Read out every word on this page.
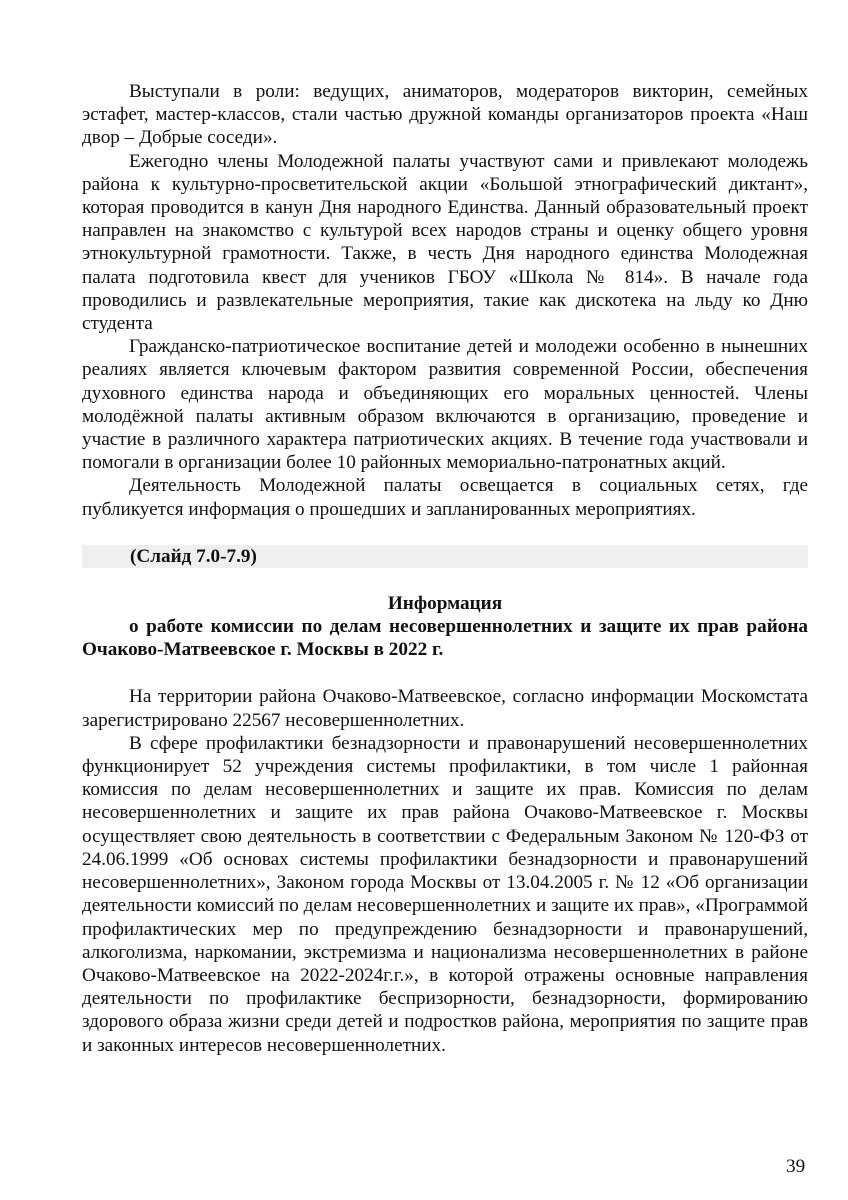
Выступали в роли: ведущих, аниматоров, модераторов викторин, семейных эстафет, мастер-классов, стали частью дружной команды организаторов проекта «Наш двор – Добрые соседи».

Ежегодно члены Молодежной палаты участвуют сами и привлекают молодежь района к культурно-просветительской акции «Большой этнографический диктант», которая проводится в канун Дня народного Единства. Данный образовательный проект направлен на знакомство с культурой всех народов страны и оценку общего уровня этнокультурной грамотности. Также, в честь Дня народного единства Молодежная палата подготовила квест для учеников ГБОУ «Школа № 814». В начале года проводились и развлекательные мероприятия, такие как дискотека на льду ко Дню студента

Гражданско-патриотическое воспитание детей и молодежи особенно в нынешних реалиях является ключевым фактором развития современной России, обеспечения духовного единства народа и объединяющих его моральных ценностей. Члены молодёжной палаты активным образом включаются в организацию, проведение и участие в различного характера патриотических акциях. В течение года участвовали и помогали в организации более 10 районных мемориально-патронатных акций.

Деятельность Молодежной палаты освещается в социальных сетях, где публикуется информация о прошедших и запланированных мероприятиях.

(Слайд 7.0-7.9)

Информация

о работе комиссии по делам несовершеннолетних и защите их прав района Очаково-Матвеевское г. Москвы в 2022 г.

На территории района Очаково-Матвеевское, согласно информации Москомстата зарегистрировано 22567 несовершеннолетних.

В сфере профилактики безнадзорности и правонарушений несовершеннолетних функционирует 52 учреждения системы профилактики, в том числе 1 районная комиссия по делам несовершеннолетних и защите их прав. Комиссия по делам несовершеннолетних и защите их прав района Очаково-Матвеевское г. Москвы осуществляет свою деятельность в соответствии с Федеральным Законом № 120-ФЗ от 24.06.1999 «Об основах системы профилактики безнадзорности и правонарушений несовершеннолетних», Законом города Москвы от 13.04.2005 г. № 12 «Об организации деятельности комиссий по делам несовершеннолетних и защите их прав», «Программой профилактических мер по предупреждению безнадзорности и правонарушений, алкоголизма, наркомании, экстремизма и национализма несовершеннолетних в районе Очаково-Матвеевское на 2022-2024г.г.», в которой отражены основные направления деятельности по профилактике беспризорности, безнадзорности, формированию здорового образа жизни среди детей и подростков района, мероприятия по защите прав и законных интересов несовершеннолетних.

39
